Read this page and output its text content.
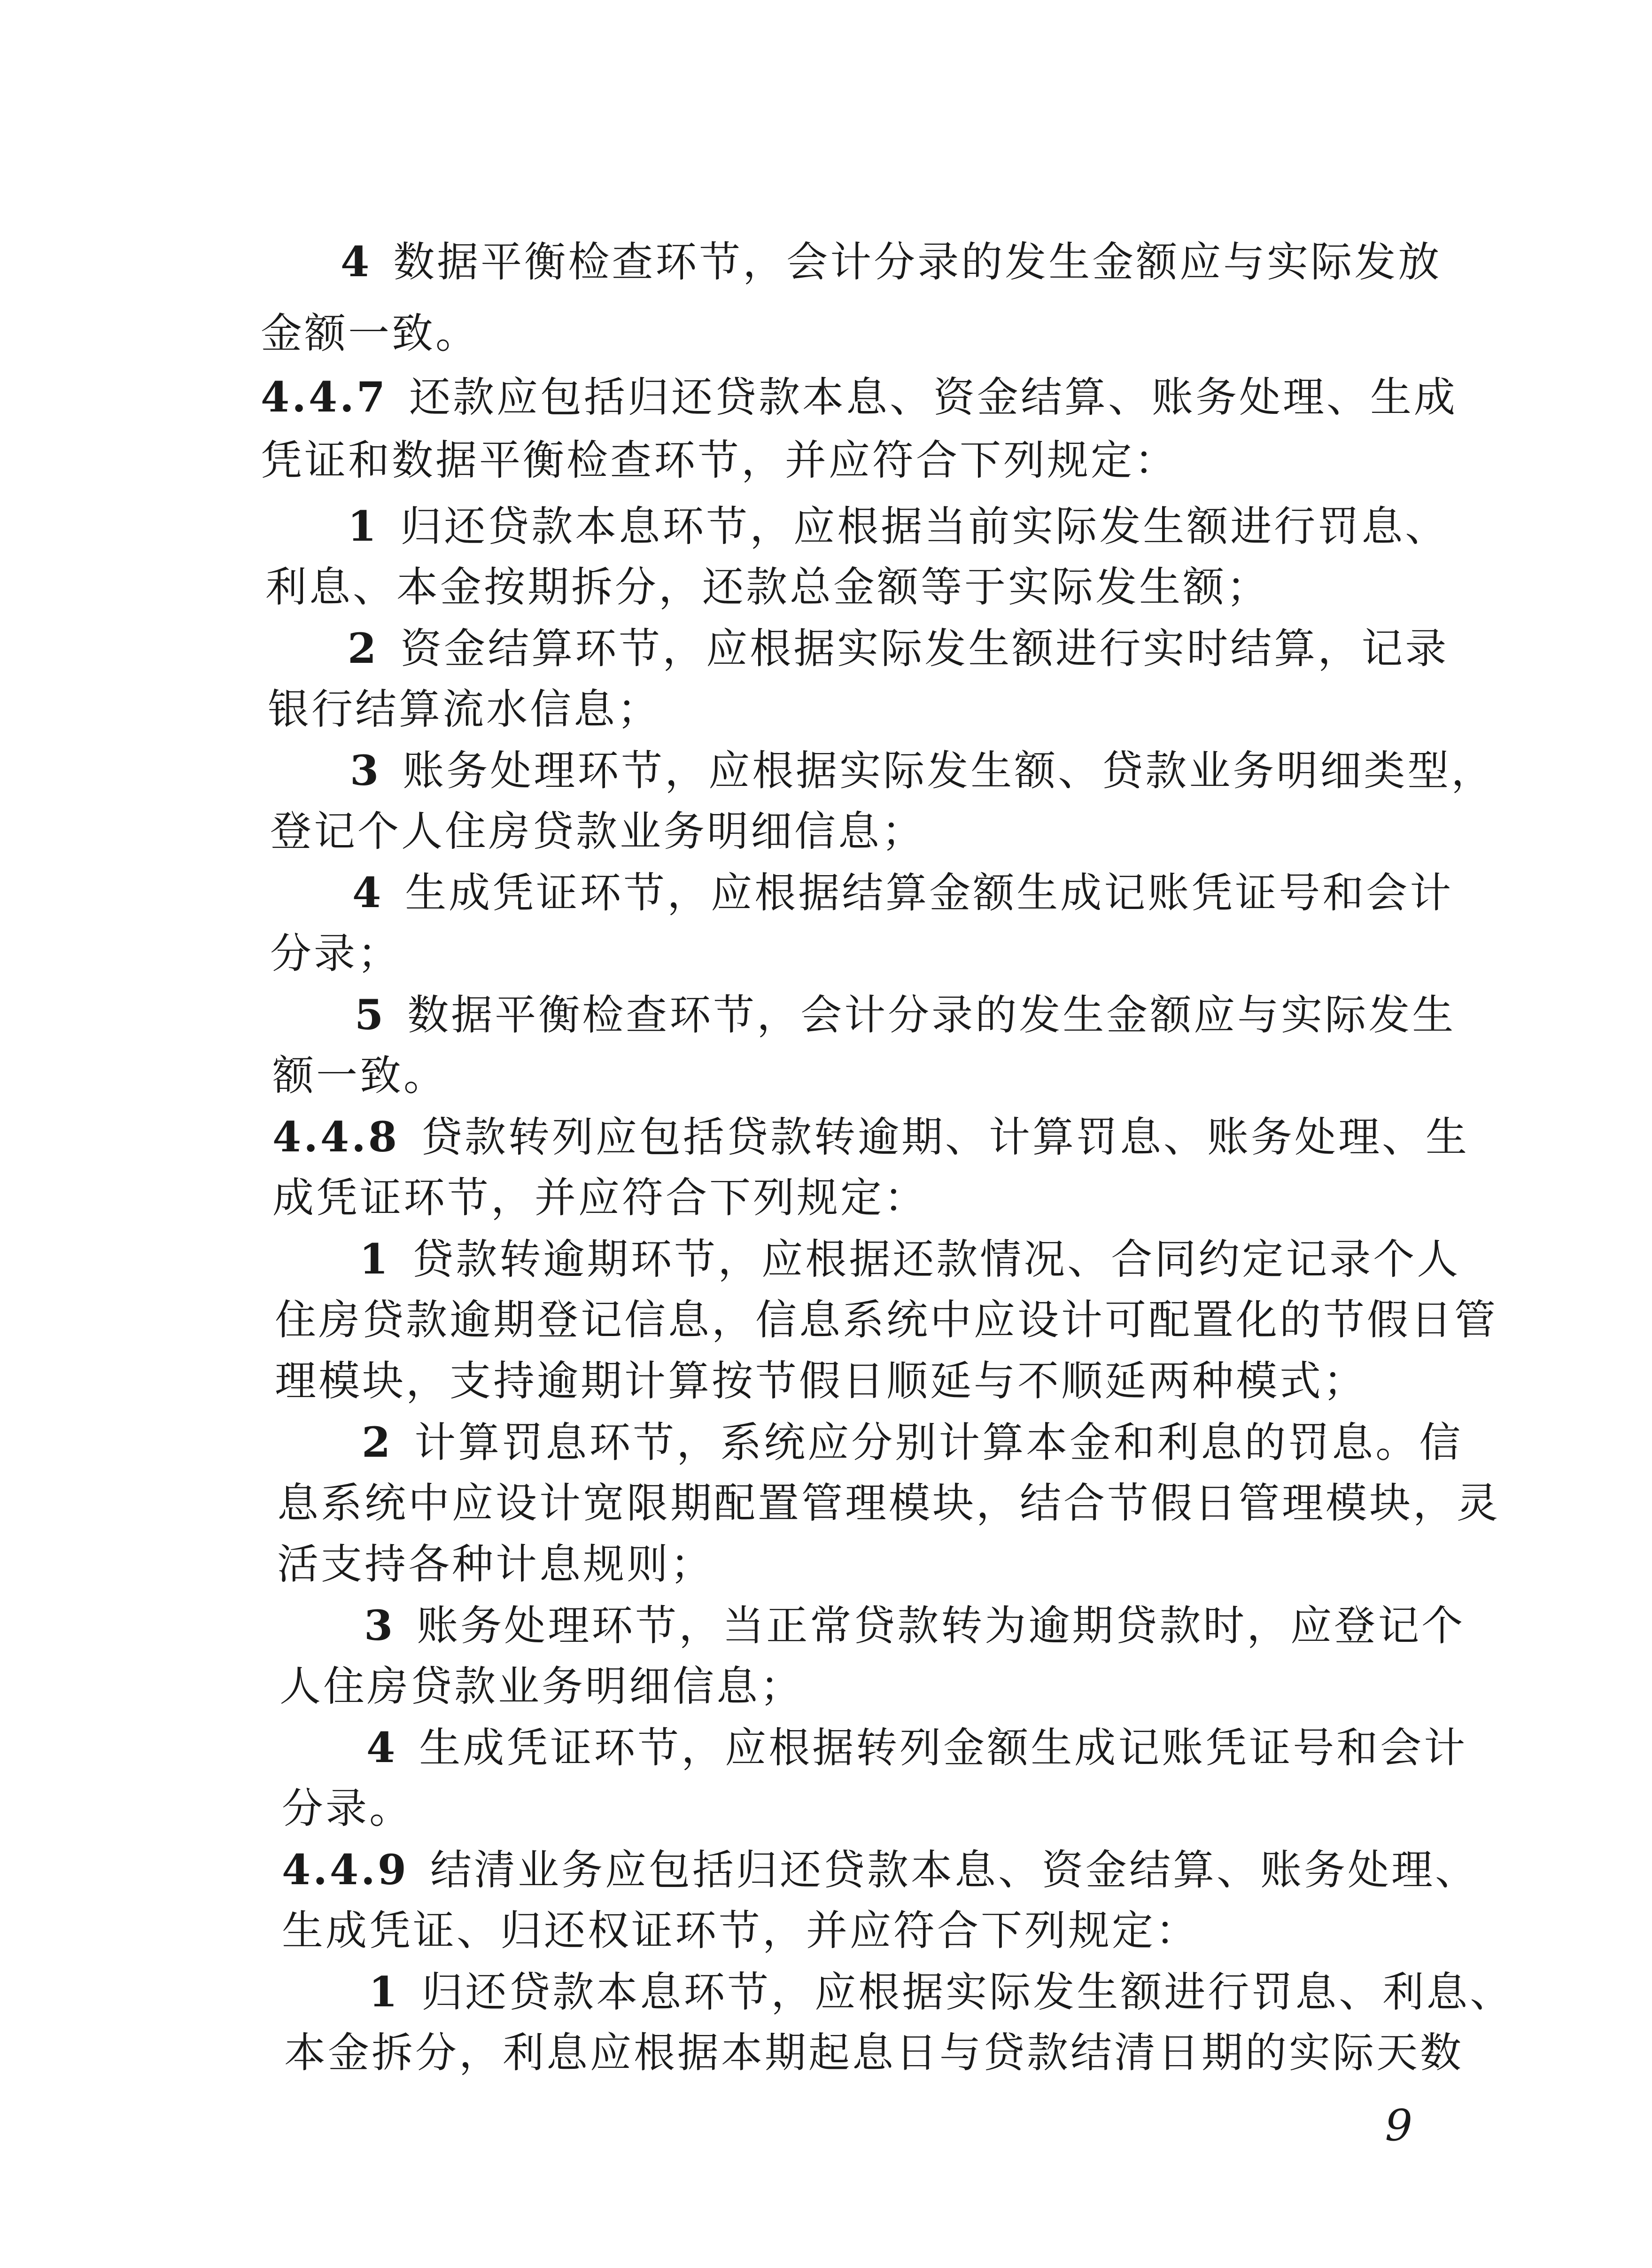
4 数据平衡检查环节，会计分录的发生金额应与实际发放
金额一致。
4.4.7 还款应包括归还贷款本息、资金结算、账务处理、生成
凭证和数据平衡检查环节，并应符合下列规定：
1 归还贷款本息环节，应根据当前实际发生额进行罚息、
利息、本金按期拆分，还款总金额等于实际发生额；
2 资金结算环节，应根据实际发生额进行实时结算，记录
银行结算流水信息；
3 账务处理环节，应根据实际发生额、贷款业务明细类型，
登记个人住房贷款业务明细信息；
4 生成凭证环节，应根据结算金额生成记账凭证号和会计
分录；
5 数据平衡检查环节，会计分录的发生金额应与实际发生
额一致。
4.4.8 贷款转列应包括贷款转逾期、计算罚息、账务处理、生
成凭证环节，并应符合下列规定：
1 贷款转逾期环节，应根据还款情况、合同约定记录个人
住房贷款逾期登记信息，信息系统中应设计可配置化的节假日管
理模块，支持逾期计算按节假日顺延与不顺延两种模式；
2 计算罚息环节，系统应分别计算本金和利息的罚息。信
息系统中应设计宽限期配置管理模块，结合节假日管理模块，灵
活支持各种计息规则；
3 账务处理环节，当正常贷款转为逾期贷款时，应登记个
人住房贷款业务明细信息；
4 生成凭证环节，应根据转列金额生成记账凭证号和会计
分录。
4.4.9 结清业务应包括归还贷款本息、资金结算、账务处理、
生成凭证、归还权证环节，并应符合下列规定：
1 归还贷款本息环节，应根据实际发生额进行罚息、利息、
本金拆分，利息应根据本期起息日与贷款结清日期的实际天数
9
